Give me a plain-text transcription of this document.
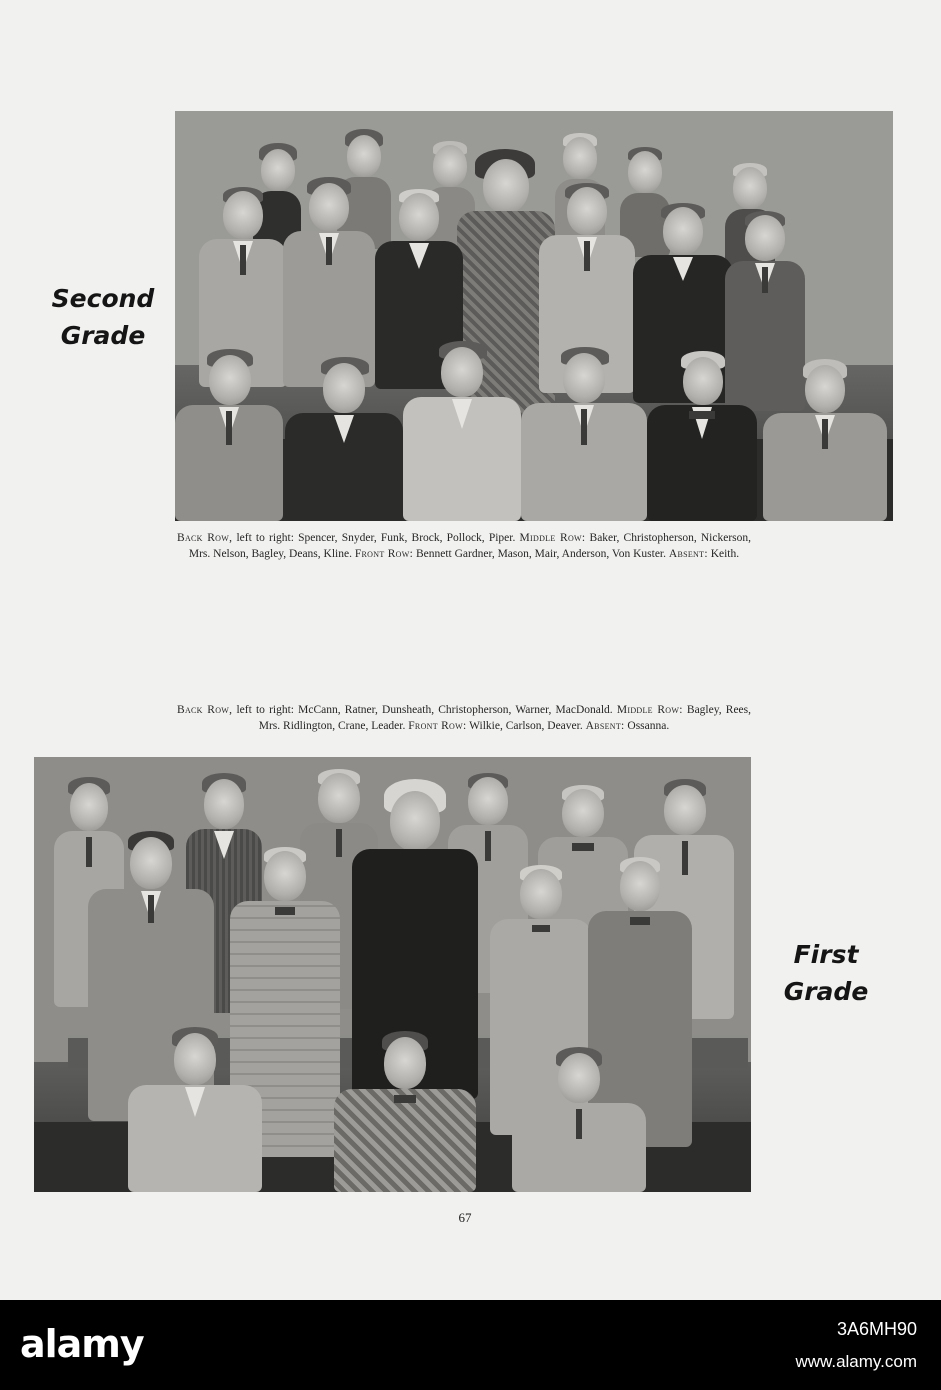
Second
Grade

Back Row, left to right: Spencer, Snyder, Funk, Brock, Pollock, Piper. Middle Row: Baker, Christopherson, Nickerson, Mrs. Nelson, Bagley, Deans, Kline. Front Row: Bennett Gardner, Mason, Mair, Anderson, Von Kuster. Absent: Keith.

Back Row, left to right: McCann, Ratner, Dunsheath, Christopherson, Warner, MacDonald. Middle Row: Bagley, Rees, Mrs. Ridlington, Crane, Leader. Front Row: Wilkie, Carlson, Deaver. Absent: Ossanna.

First
Grade

67

alamy	3A6MH90

www.alamy.com
